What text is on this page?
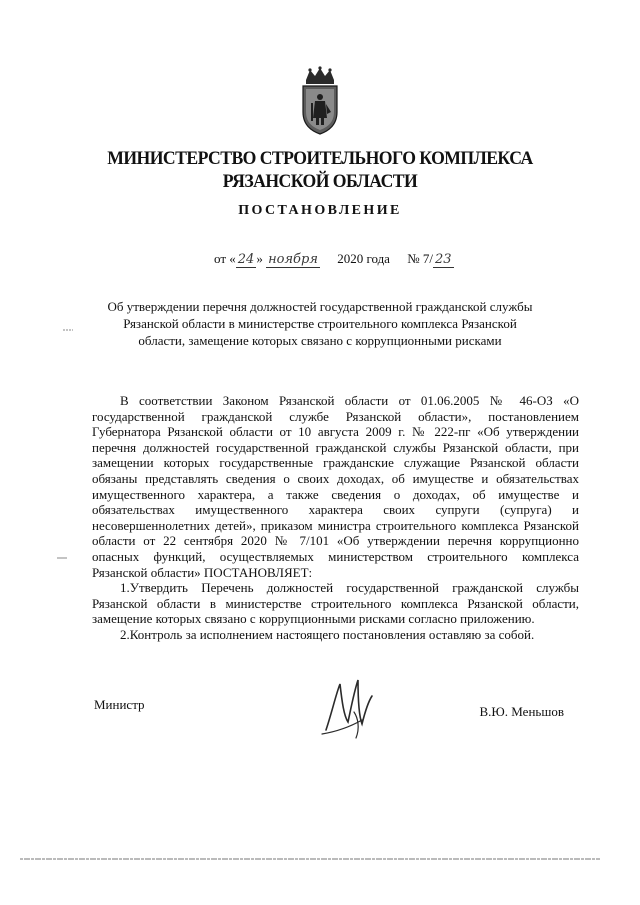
МИНИСТЕРСТВО СТРОИТЕЛЬНОГО КОМПЛЕКСА
РЯЗАНСКОЙ ОБЛАСТИ
ПОСТАНОВЛЕНИЕ
от « 24 » ноября 2020 года № 7/ 23
Об утверждении перечня должностей государственной гражданской службы Рязанской области в министерстве строительного комплекса Рязанской области, замещение которых связано с коррупционными рисками

В соответствии Законом Рязанской области от 01.06.2005 № 46-ОЗ «О государственной гражданской службе Рязанской области», постановлением Губернатора Рязанской области от 10 августа 2009 г. № 222-пг «Об утверждении перечня должностей государственной гражданской службы Рязанской области, при замещении которых государственные гражданские служащие Рязанской области обязаны представлять сведения о своих доходах, об имуществе и обязательствах имущественного характера, а также сведения о доходах, об имуществе и обязательствах имущественного характера своих супруги (супруга) и несовершеннолетних детей», приказом министра строительного комплекса Рязанской области от 22 сентября 2020 № 7/101 «Об утверждении перечня коррупционно опасных функций, осуществляемых министерством строительного комплекса Рязанской области» ПОСТАНОВЛЯЕТ:

1.Утвердить Перечень должностей государственной гражданской службы Рязанской области в министерстве строительного комплекса Рязанской области, замещение которых связано с коррупционными рисками согласно приложению.

2.Контроль за исполнением настоящего постановления оставляю за собой.

Министр	В.Ю. Меньшов
